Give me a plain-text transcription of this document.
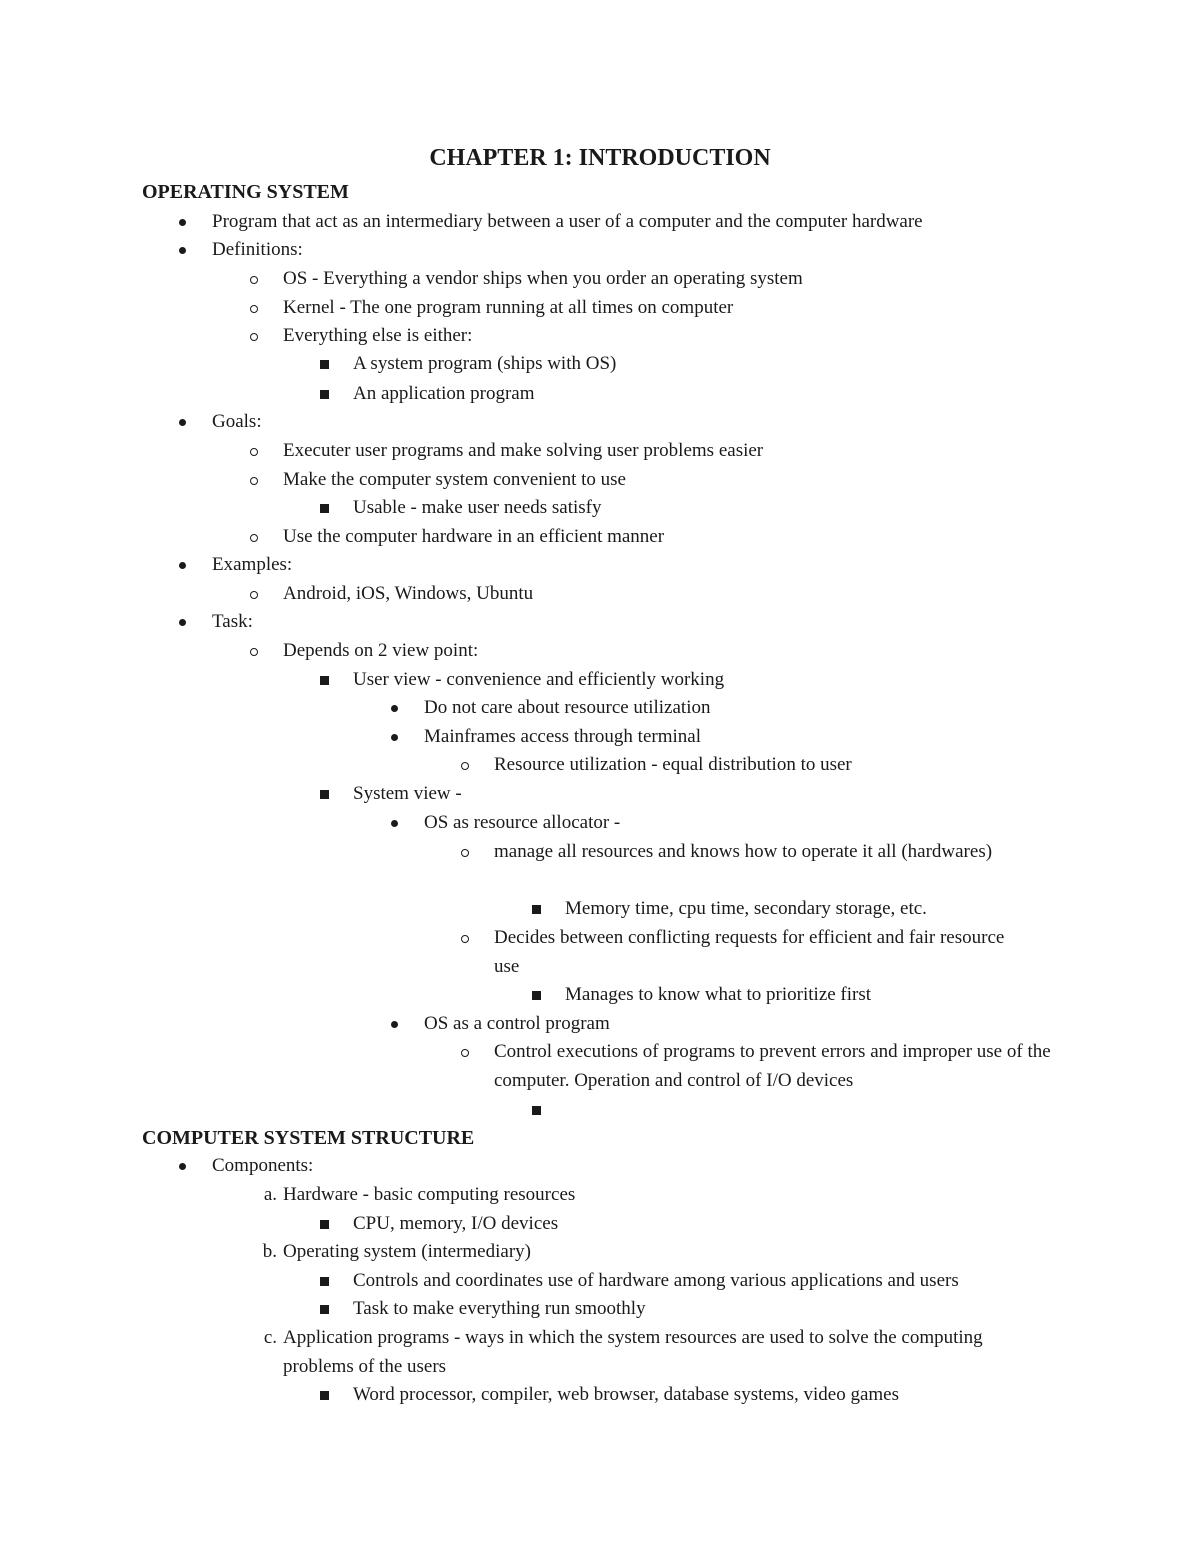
CHAPTER 1: INTRODUCTION
OPERATING SYSTEM
Program that act as an intermediary between a user of a computer and the computer hardware
Definitions:
OS - Everything a vendor ships when you order an operating system
Kernel - The one program running at all times on computer
Everything else is either:
A system program (ships with OS)
An application program
Goals:
Executer user programs and make solving user problems easier
Make the computer system convenient to use
Usable - make user needs satisfy
Use the computer hardware in an efficient manner
Examples:
Android, iOS, Windows, Ubuntu
Task:
Depends on 2 view point:
User view - convenience and efficiently working
Do not care about resource utilization
Mainframes access through terminal
Resource utilization - equal distribution to user
System view -
OS as resource allocator -
manage all resources and knows how to operate it all (hardwares)
Memory time, cpu time, secondary storage, etc.
Decides between conflicting requests for efficient and fair resource use
Manages to know what to prioritize first
OS as a control program
Control executions of programs to prevent errors and improper use of the computer. Operation and control of I/O devices
COMPUTER SYSTEM STRUCTURE
Components:
a. Hardware - basic computing resources
CPU, memory, I/O devices
b. Operating system (intermediary)
Controls and coordinates use of hardware among various applications and users
Task to make everything run smoothly
c. Application programs - ways in which the system resources are used to solve the computing problems of the users
Word processor, compiler, web browser, database systems, video games
